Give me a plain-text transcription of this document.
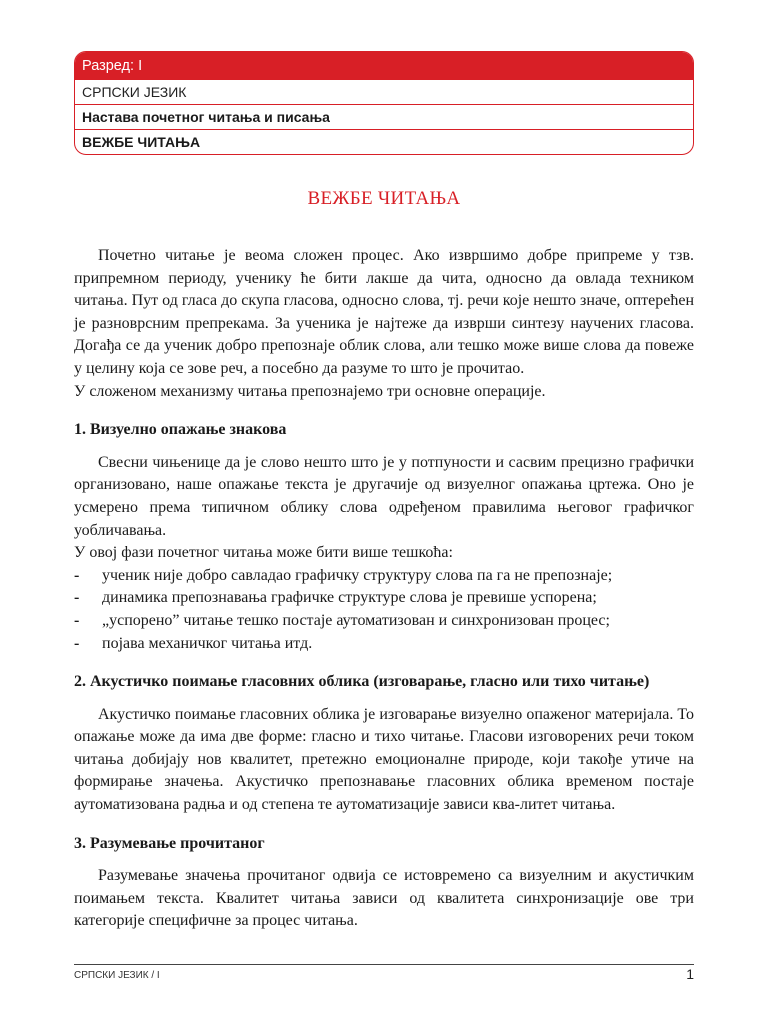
Разред: I
СРПСКИ ЈЕЗИК
Настава почетног читања и писања
ВЕЖБЕ ЧИТАЊА
ВЕЖБЕ ЧИТАЊА

Почетно читање је веома сложен процес. Ако извршимо добре припреме у тзв. припремном периоду, ученику ће бити лакше да чита, односно да овлада техником читања. Пут од гласа до скупа гласова, односно слова, тј. речи које нешто значе, оптерећен је разноврсним препрекама. За ученика је најтеже да изврши синтезу научених гласова. Догађа се да ученик добро препознаје облик слова, али тешко може више слова да повеже у целину која се зове реч, а посебно да разуме то што је прочитао.

У сложеном механизму читања препознајемо три основне операције.

1. Визуелно опажање знакова

Свесни чињенице да је слово нешто што је у потпуности и сасвим прецизно графички организовано, наше опажање текста је другачије од визуелног опажања цртежа. Оно је усмерено према типичном облику слова одређеном правилима његовог графичког уобличавања.

У овој фази почетног читања може бити више тешкоћа:

- ученик није добро савладао графичку структуру слова па га не препознаје;
- динамика препознавања графичке структуре слова је превише успорена;
- „успорено” читање тешко постаје аутоматизован и синхронизован процес;
- појава механичког читања итд.

2. Акустичко поимање гласовних облика (изговарање, гласно или тихо читање)

Акустичко поимање гласовних облика је изговарање визуелно опаженог материјала. То опажање може да има две форме: гласно и тихо читање. Гласови изговорених речи током читања добијају нов квалитет, претежно емоционалне природе, који такође утиче на формирање значења. Акустичко препознавање гласовних облика временом постаје аутоматизована радња и од степена те аутоматизације зависи ква-литет читања.

3. Разумевање прочитаног

Разумевање значења прочитаног одвија се истовремено са визуелним и акустичким поимањем текста. Квалитет читања зависи од квалитета синхронизације ове три категорије специфичне за процес читања.

СРПСКИ ЈЕЗИК / I	1
